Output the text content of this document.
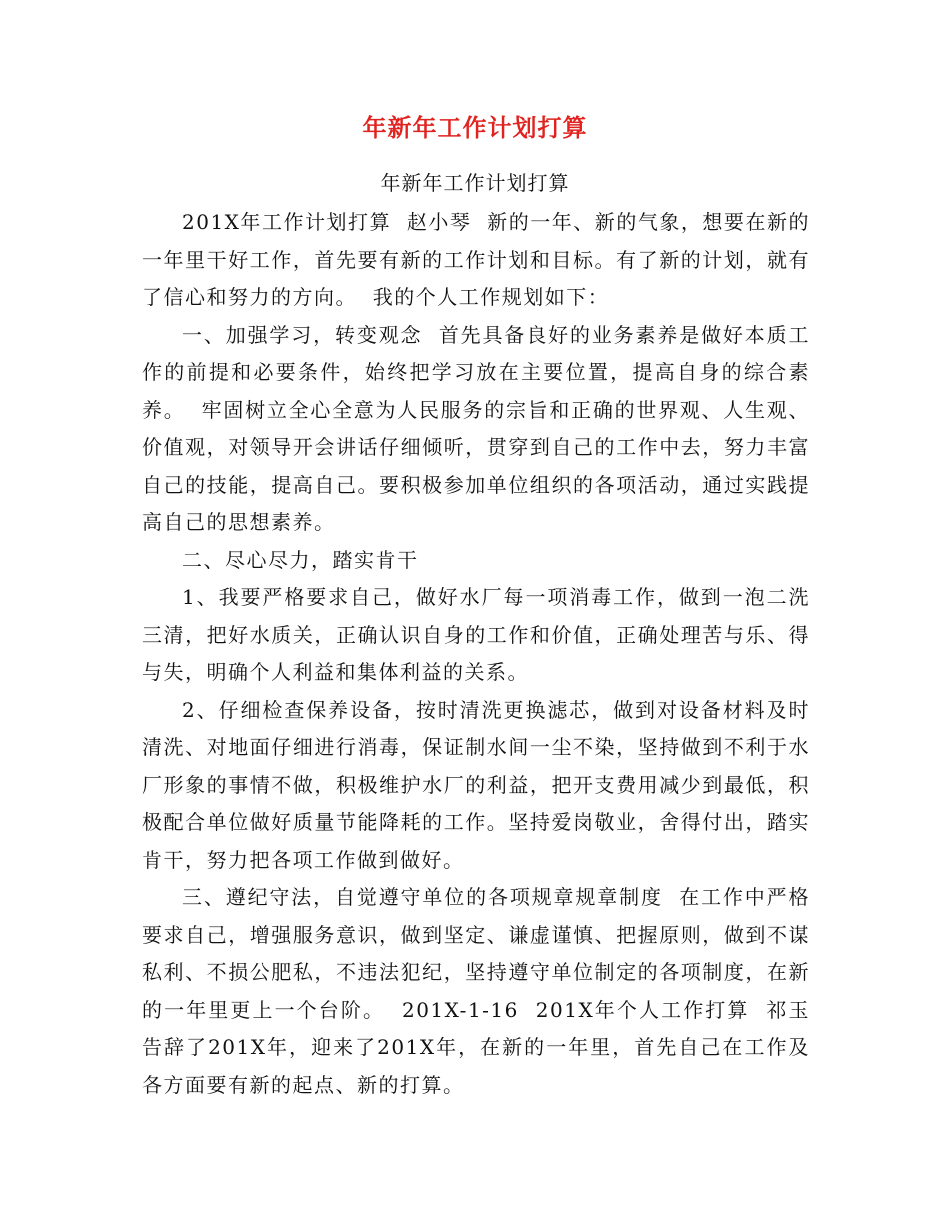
年新年工作计划打算
年新年工作计划打算

201X年工作计划打算  赵小琴  新的一年、新的气象，想要在新的一年里干好工作，首先要有新的工作计划和目标。有了新的计划，就有了信心和努力的方向。  我的个人工作规划如下：

一、加强学习，转变观念  首先具备良好的业务素养是做好本质工作的前提和必要条件，始终把学习放在主要位置，提高自身的综合素养。  牢固树立全心全意为人民服务的宗旨和正确的世界观、人生观、价值观，对领导开会讲话仔细倾听，贯穿到自己的工作中去，努力丰富自己的技能，提高自己。要积极参加单位组织的各项活动，通过实践提高自己的思想素养。

二、尽心尽力，踏实肯干

1、我要严格要求自己，做好水厂每一项消毒工作，做到一泡二洗三清，把好水质关，正确认识自身的工作和价值，正确处理苦与乐、得与失，明确个人利益和集体利益的关系。

2、仔细检查保养设备，按时清洗更换滤芯，做到对设备材料及时清洗、对地面仔细进行消毒，保证制水间一尘不染，坚持做到不利于水厂形象的事情不做，积极维护水厂的利益，把开支费用减少到最低，积极配合单位做好质量节能降耗的工作。坚持爱岗敬业，舍得付出，踏实肯干，努力把各项工作做到做好。

三、遵纪守法，自觉遵守单位的各项规章规章制度  在工作中严格要求自己，增强服务意识，做到坚定、谦虚谨慎、把握原则，做到不谋私利、不损公肥私，不违法犯纪，坚持遵守单位制定的各项制度，在新的一年里更上一个台阶。  201X-1-16  201X年个人工作打算  祁玉  告辞了201X年，迎来了201X年，在新的一年里，首先自己在工作及各方面要有新的起点、新的打算。
